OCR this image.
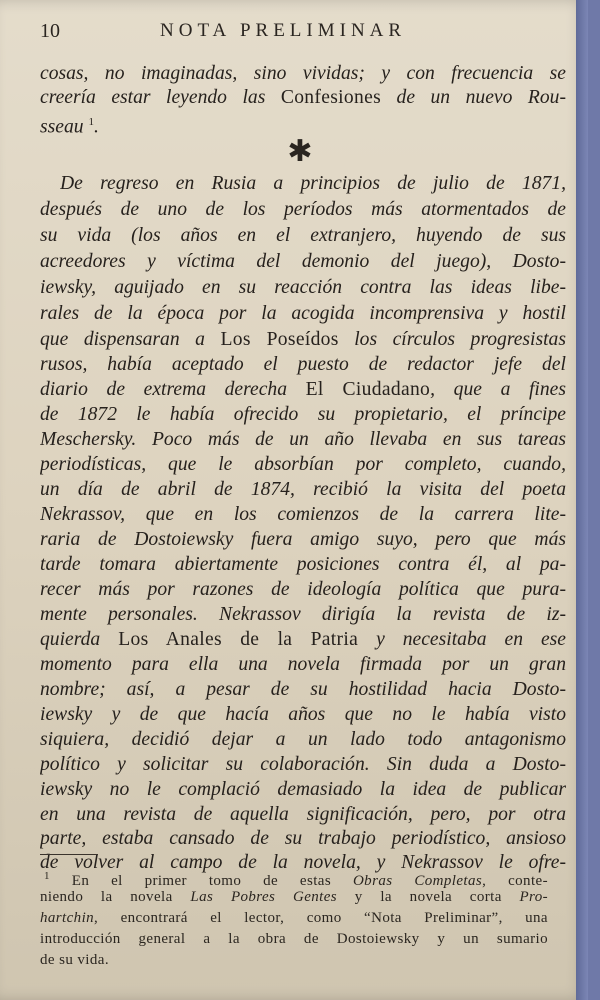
10	NOTA PRELIMINAR
cosas, no imaginadas, sino vividas; y con frecuencia se
creería estar leyendo las Confesiones de un nuevo Rou-
sseau $^1$.
De regreso en Rusia a principios de julio de 1871,
después de uno de los períodos más atormentados de
su vida (los años en el extranjero, huyendo de sus
acreedores y víctima del demonio del juego), Dosto-
iewsky, aguijado en su reacción contra las ideas libe-
rales de la época por la acogida incomprensiva y hostil
que dispensaran a Los Poseídos los círculos progresistas
rusos, había aceptado el puesto de redactor jefe del
diario de extrema derecha El Ciudadano, que a fines
de 1872 le había ofrecido su propietario, el príncipe
Meschersky. Poco más de un año llevaba en sus tareas
periodísticas, que le absorbían por completo, cuando,
un día de abril de 1874, recibió la visita del poeta
Nekrassov, que en los comienzos de la carrera lite-
raria de Dostoiewsky fuera amigo suyo, pero que más
tarde tomara abiertamente posiciones contra él, al pa-
recer más por razones de ideología política que pura-
mente personales. Nekrassov dirigía la revista de iz-
quierda Los Anales de la Patria y necesitaba en ese
momento para ella una novela firmada por un gran
nombre; así, a pesar de su hostilidad hacia Dosto-
iewsky y de que hacía años que no le había visto
siquiera, decidió dejar a un lado todo antagonismo
político y solicitar su colaboración. Sin duda a Dosto-
iewsky no le complació demasiado la idea de publicar
en una revista de aquella significación, pero, por otra
parte, estaba cansado de su trabajo periodístico, ansioso
de volver al campo de la novela, y Nekrassov le ofre-
✱
$^1$ En el primer tomo de estas Obras Completas, conte-
niendo la novela Las Pobres Gentes y la novela corta Pro-
hartchin, encontrará el lector, como “Nota Preliminar”, una
introducción general a la obra de Dostoiewsky y un sumario
de su vida.
